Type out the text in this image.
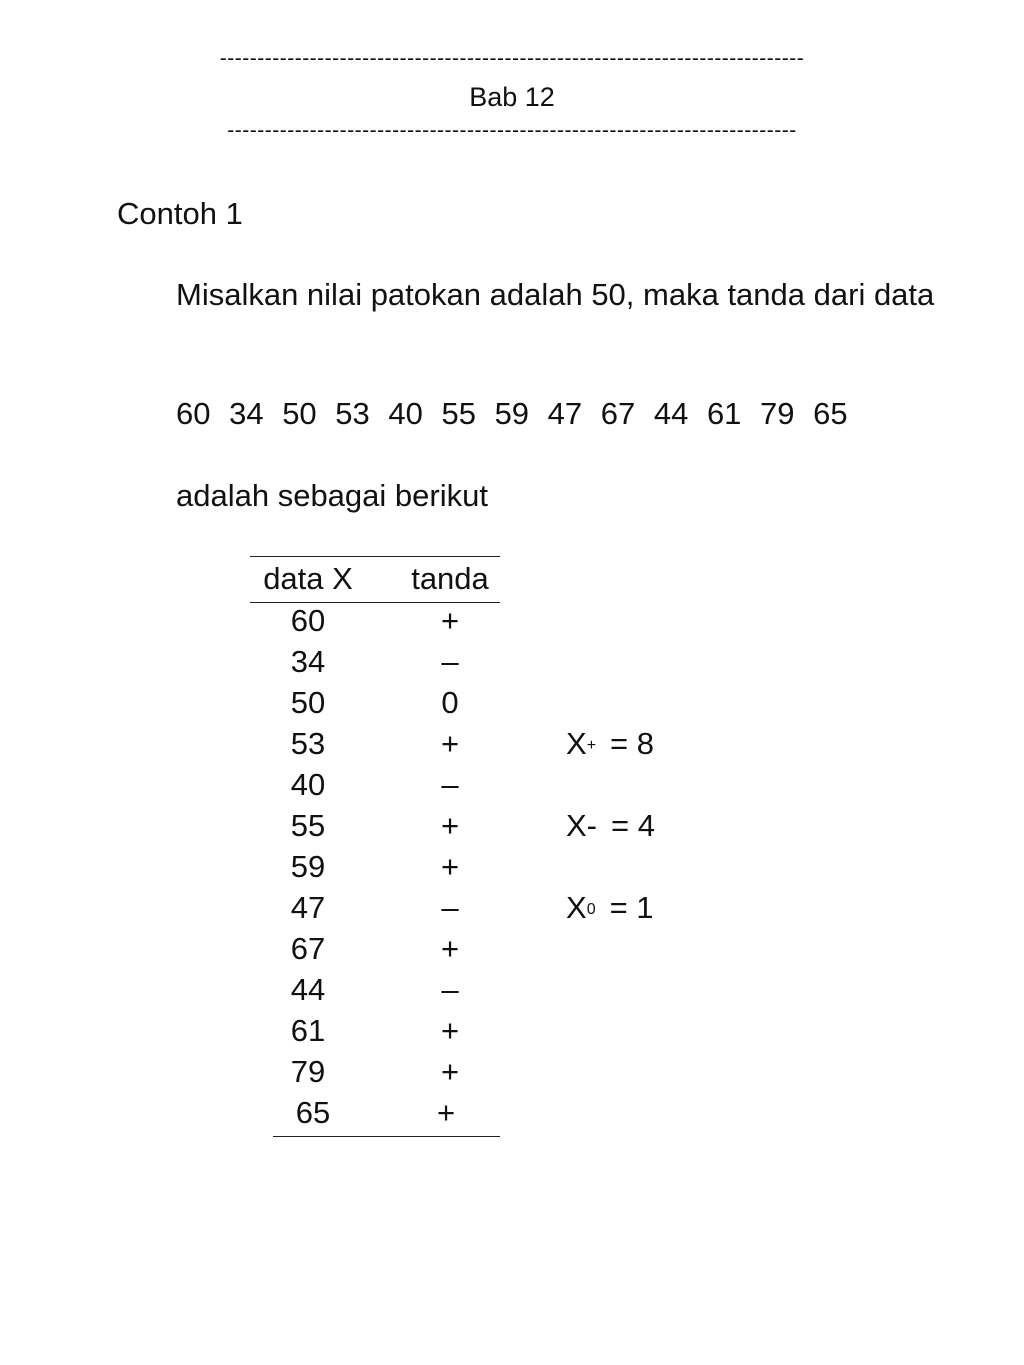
------------------------------------------------------------------------------
Bab 12
----------------------------------------------------------------------------
Contoh 1
Misalkan nilai patokan adalah 50, maka tanda dari data
60 34 50 53 40 55 59 47 67 44 61 79 65
adalah sebagai berikut
data X	tanda
60	+
34	–
50	0
53	+
40	–
55	+
59	+
47	–
67	+
44	–
61	+
79	+
65	+
X+ = 8
X- = 4
$X^0 = 1$
